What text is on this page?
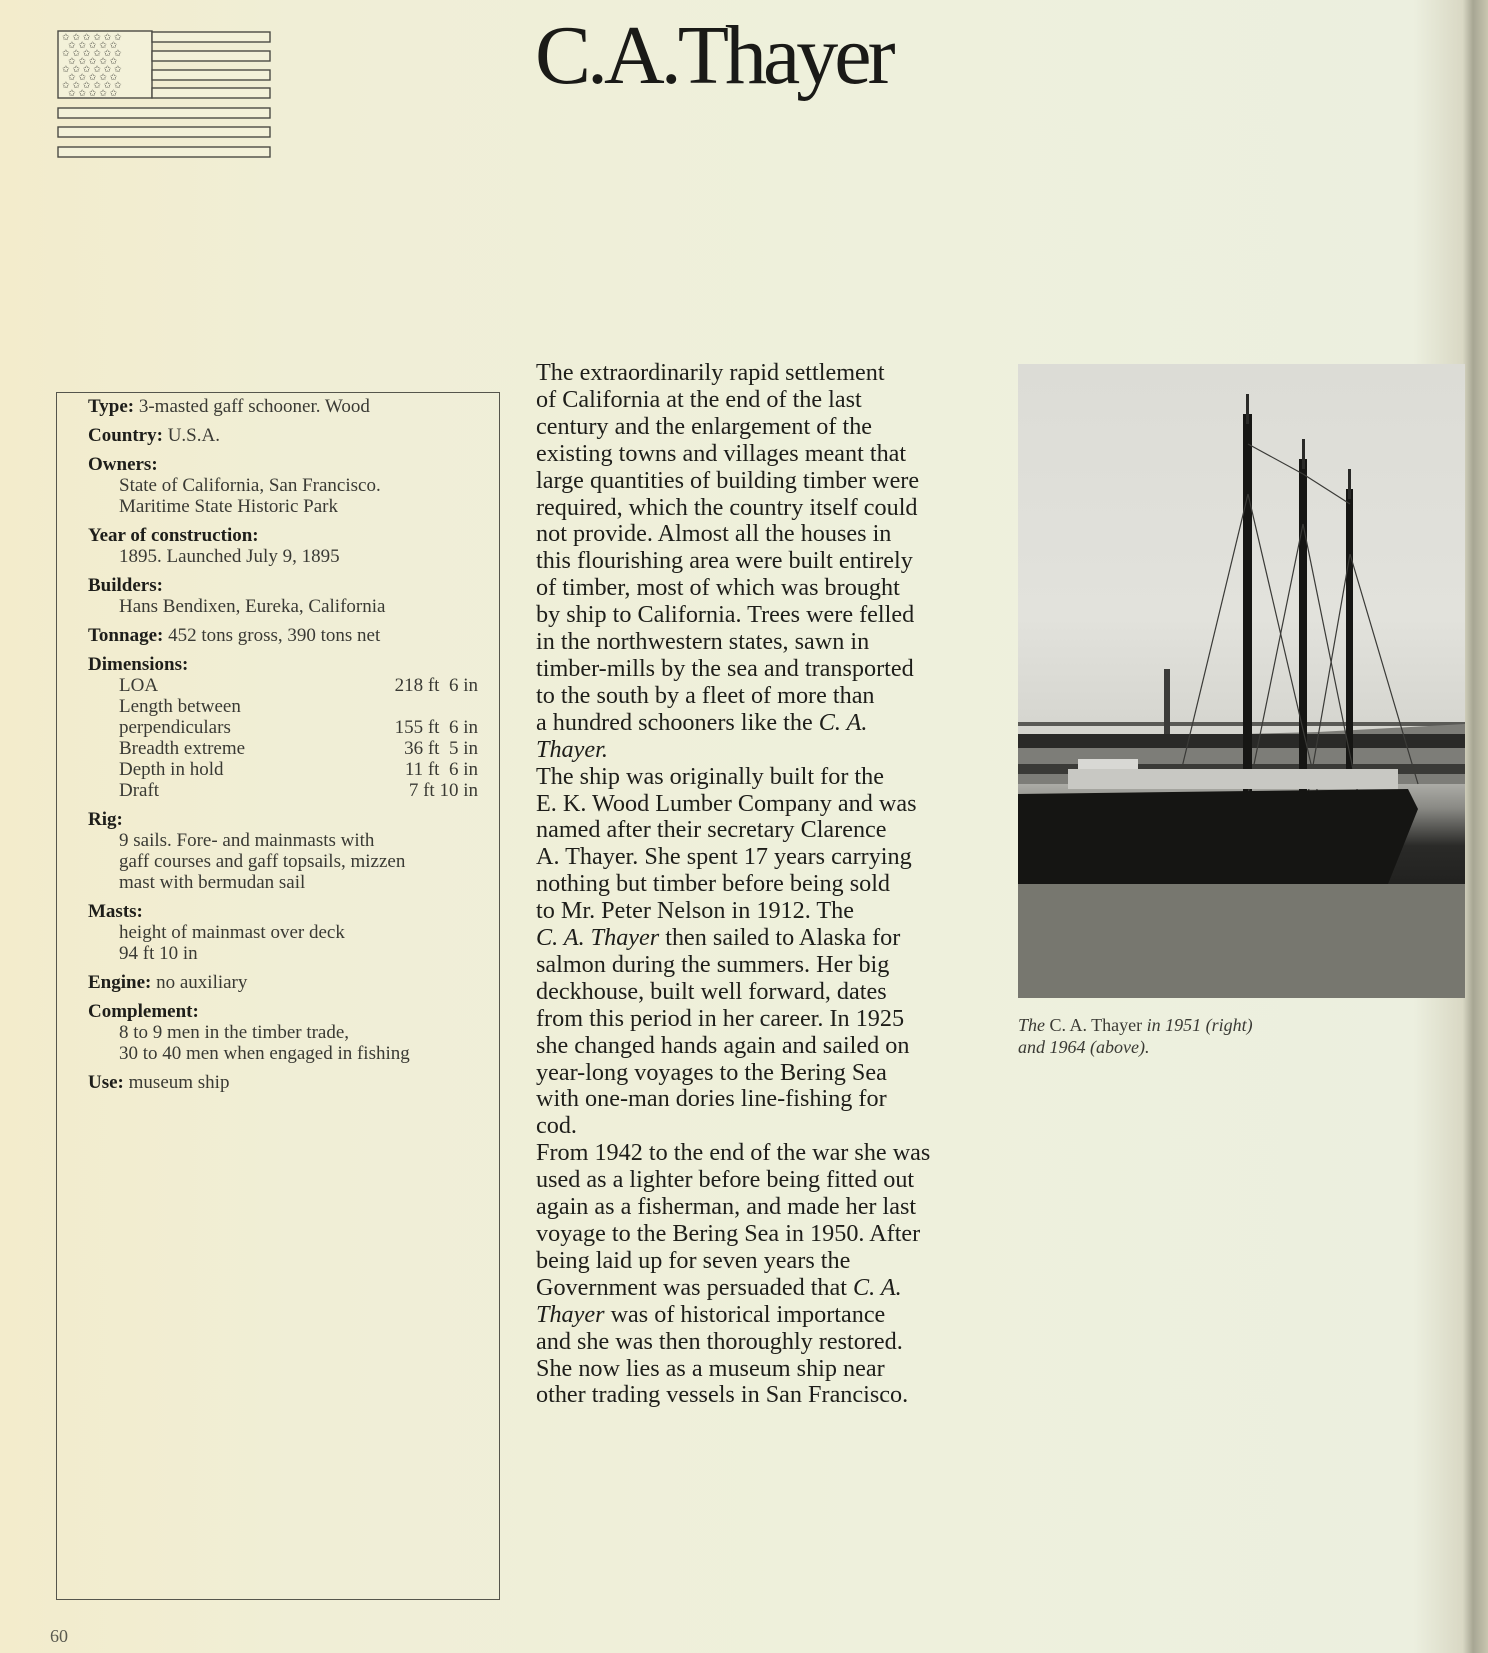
✩ ✩ ✩ ✩ ✩ ✩
✩ ✩ ✩ ✩ ✩
✩ ✩ ✩ ✩ ✩ ✩
✩ ✩ ✩ ✩ ✩
✩ ✩ ✩ ✩ ✩ ✩
✩ ✩ ✩ ✩ ✩
✩ ✩ ✩ ✩ ✩ ✩
✩ ✩ ✩ ✩ ✩	C.A.Thayer
Type: 3-masted gaff schooner. Wood
Country: U.S.A.
Owners:
State of California, San Francisco.
Maritime State Historic Park
Year of construction:
1895. Launched July 9, 1895
Builders:
Hans Bendixen, Eureka, California
Tonnage: 452 tons gross, 390 tons net
Dimensions:
LOA	218 ft  6 in
Length between
perpendiculars	155 ft  6 in
Breadth extreme	36 ft  5 in
Depth in hold	11 ft  6 in
Draft	7 ft 10 in
Rig:
9 sails. Fore- and mainmasts with
gaff courses and gaff topsails, mizzen
mast with bermudan sail
Masts:
height of mainmast over deck
94 ft 10 in
Engine: no auxiliary
Complement:
8 to 9 men in the timber trade,
30 to 40 men when engaged in fishing
Use: museum ship

The extraordinarily rapid settlement

of California at the end of the last

century and the enlargement of the

existing towns and villages meant that

large quantities of building timber were

required, which the country itself could

not provide. Almost all the houses in

this flourishing area were built entirely

of timber, most of which was brought

by ship to California. Trees were felled

in the northwestern states, sawn in

timber-mills by the sea and transported

to the south by a fleet of more than

a hundred schooners like the C. A.

Thayer.

The ship was originally built for the

E. K. Wood Lumber Company and was

named after their secretary Clarence

A. Thayer. She spent 17 years carrying

nothing but timber before being sold

to Mr. Peter Nelson in 1912. The

C. A. Thayer then sailed to Alaska for

salmon during the summers. Her big

deckhouse, built well forward, dates

from this period in her career. In 1925

she changed hands again and sailed on

year-long voyages to the Bering Sea

with one-man dories line-fishing for

cod.

From 1942 to the end of the war she was

used as a lighter before being fitted out

again as a fisherman, and made her last

voyage to the Bering Sea in 1950. After

being laid up for seven years the

Government was persuaded that C. A.

Thayer was of historical importance

and she was then thoroughly restored.

She now lies as a museum ship near

other trading vessels in San Francisco.

The C. A. Thayer in 1951 (right)
and 1964 (above).
60
